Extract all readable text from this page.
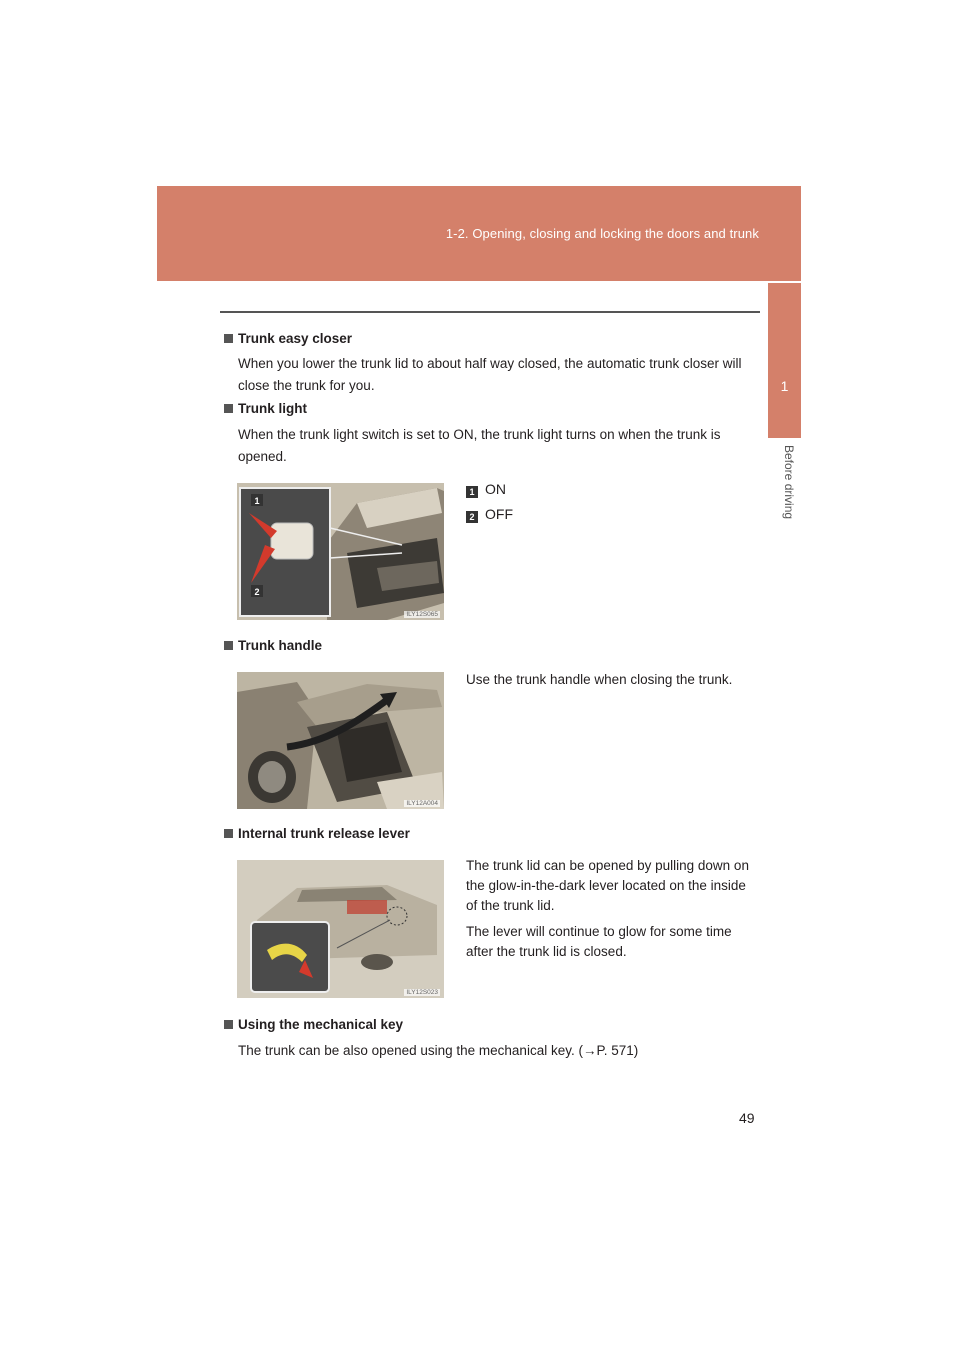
1-2. Opening, closing and locking the doors and trunk
1
Before driving
Trunk easy closer
When you lower the trunk lid to about half way closed, the automatic trunk closer will close the trunk for you.
Trunk light
When the trunk light switch is set to ON, the trunk light turns on when the trunk is opened.
1
2
ILY12S065
1 ON
2 OFF
Trunk handle
ILY12A004
Use the trunk handle when closing the trunk.
Internal trunk release lever
ILY12S023
The trunk lid can be opened by pulling down on the glow-in-the-dark lever located on the inside of the trunk lid.
The lever will continue to glow for some time after the trunk lid is closed.
Using the mechanical key
The trunk can be also opened using the mechanical key. (→P. 571)
49
